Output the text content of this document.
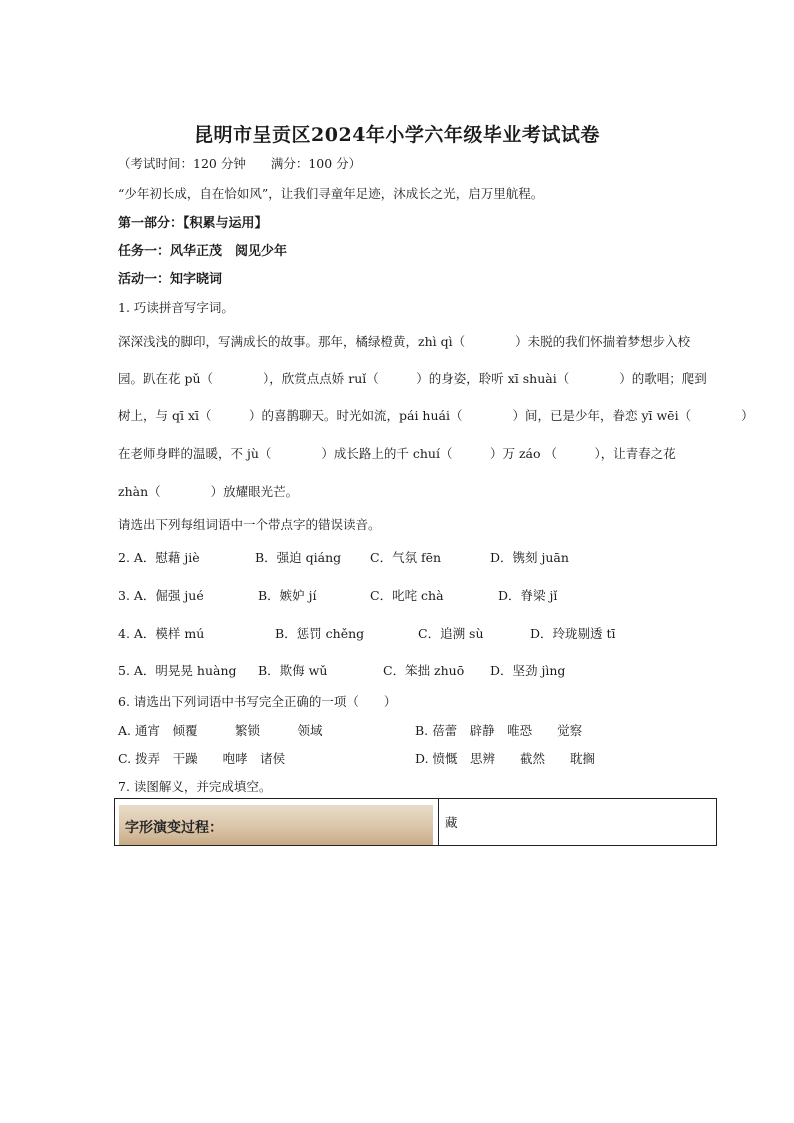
昆明市呈贡区2024年小学六年级毕业考试试卷
（考试时间：120 分钟　　满分：100 分）
“少年初长成，自在恰如风”，让我们寻童年足迹，沐成长之光，启万里航程。
第一部分：【积累与运用】
任务一：风华正茂　阅见少年
活动一：知字晓词
1. 巧读拼音写字词。
深深浅浅的脚印，写满成长的故事。那年，橘绿橙黄，zhì qì（　　　　）未脱的我们怀揣着梦想步入校
园。趴在花 pǔ（　　　　），欣赏点点娇 ruǐ（　　　）的身姿，聆听 xī shuài（　　　　）的歌唱；爬到
树上，与 qī xī（　　　）的喜鹊聊天。时光如流，pái huái（　　　　）间，已是少年，眷恋 yī wēi（　　　　）
在老师身畔的温暖，不 jù（　　　　）成长路上的千 chuí（　　　）万 záo （　　　），让青春之花
zhàn（　　　　）放耀眼光芒。
请选出下列每组词语中一个带点字的错误读音。
2. A．慰藉 jiè	B．强迫 qiáng C．气氛 fēn	D．镌刻 juān
3. A．倔强 jué	B．嫉妒 jí	C．叱咤 chà	D．脊梁 jǐ
4. A．模样 mú	B．惩罚 chěng	C．追溯 sù	D．玲珑剔透 tī
5. A．明晃晃 huàng B．欺侮 wǔ	C．笨拙 zhuō D．坚劲 jìng
6. 请选出下列词语中书写完全正确的一项（　　）
A. 通宵　倾覆　　　繁锁　　　领域	B. 蓓蕾　辟静　唯恐　　觉察
C. 拨弄　干躁　　咆哮　诸侯	D. 愤慨　思辨　　截然　　耽搁
7. 读图解义，并完成填空。
字形演变过程：	藏
